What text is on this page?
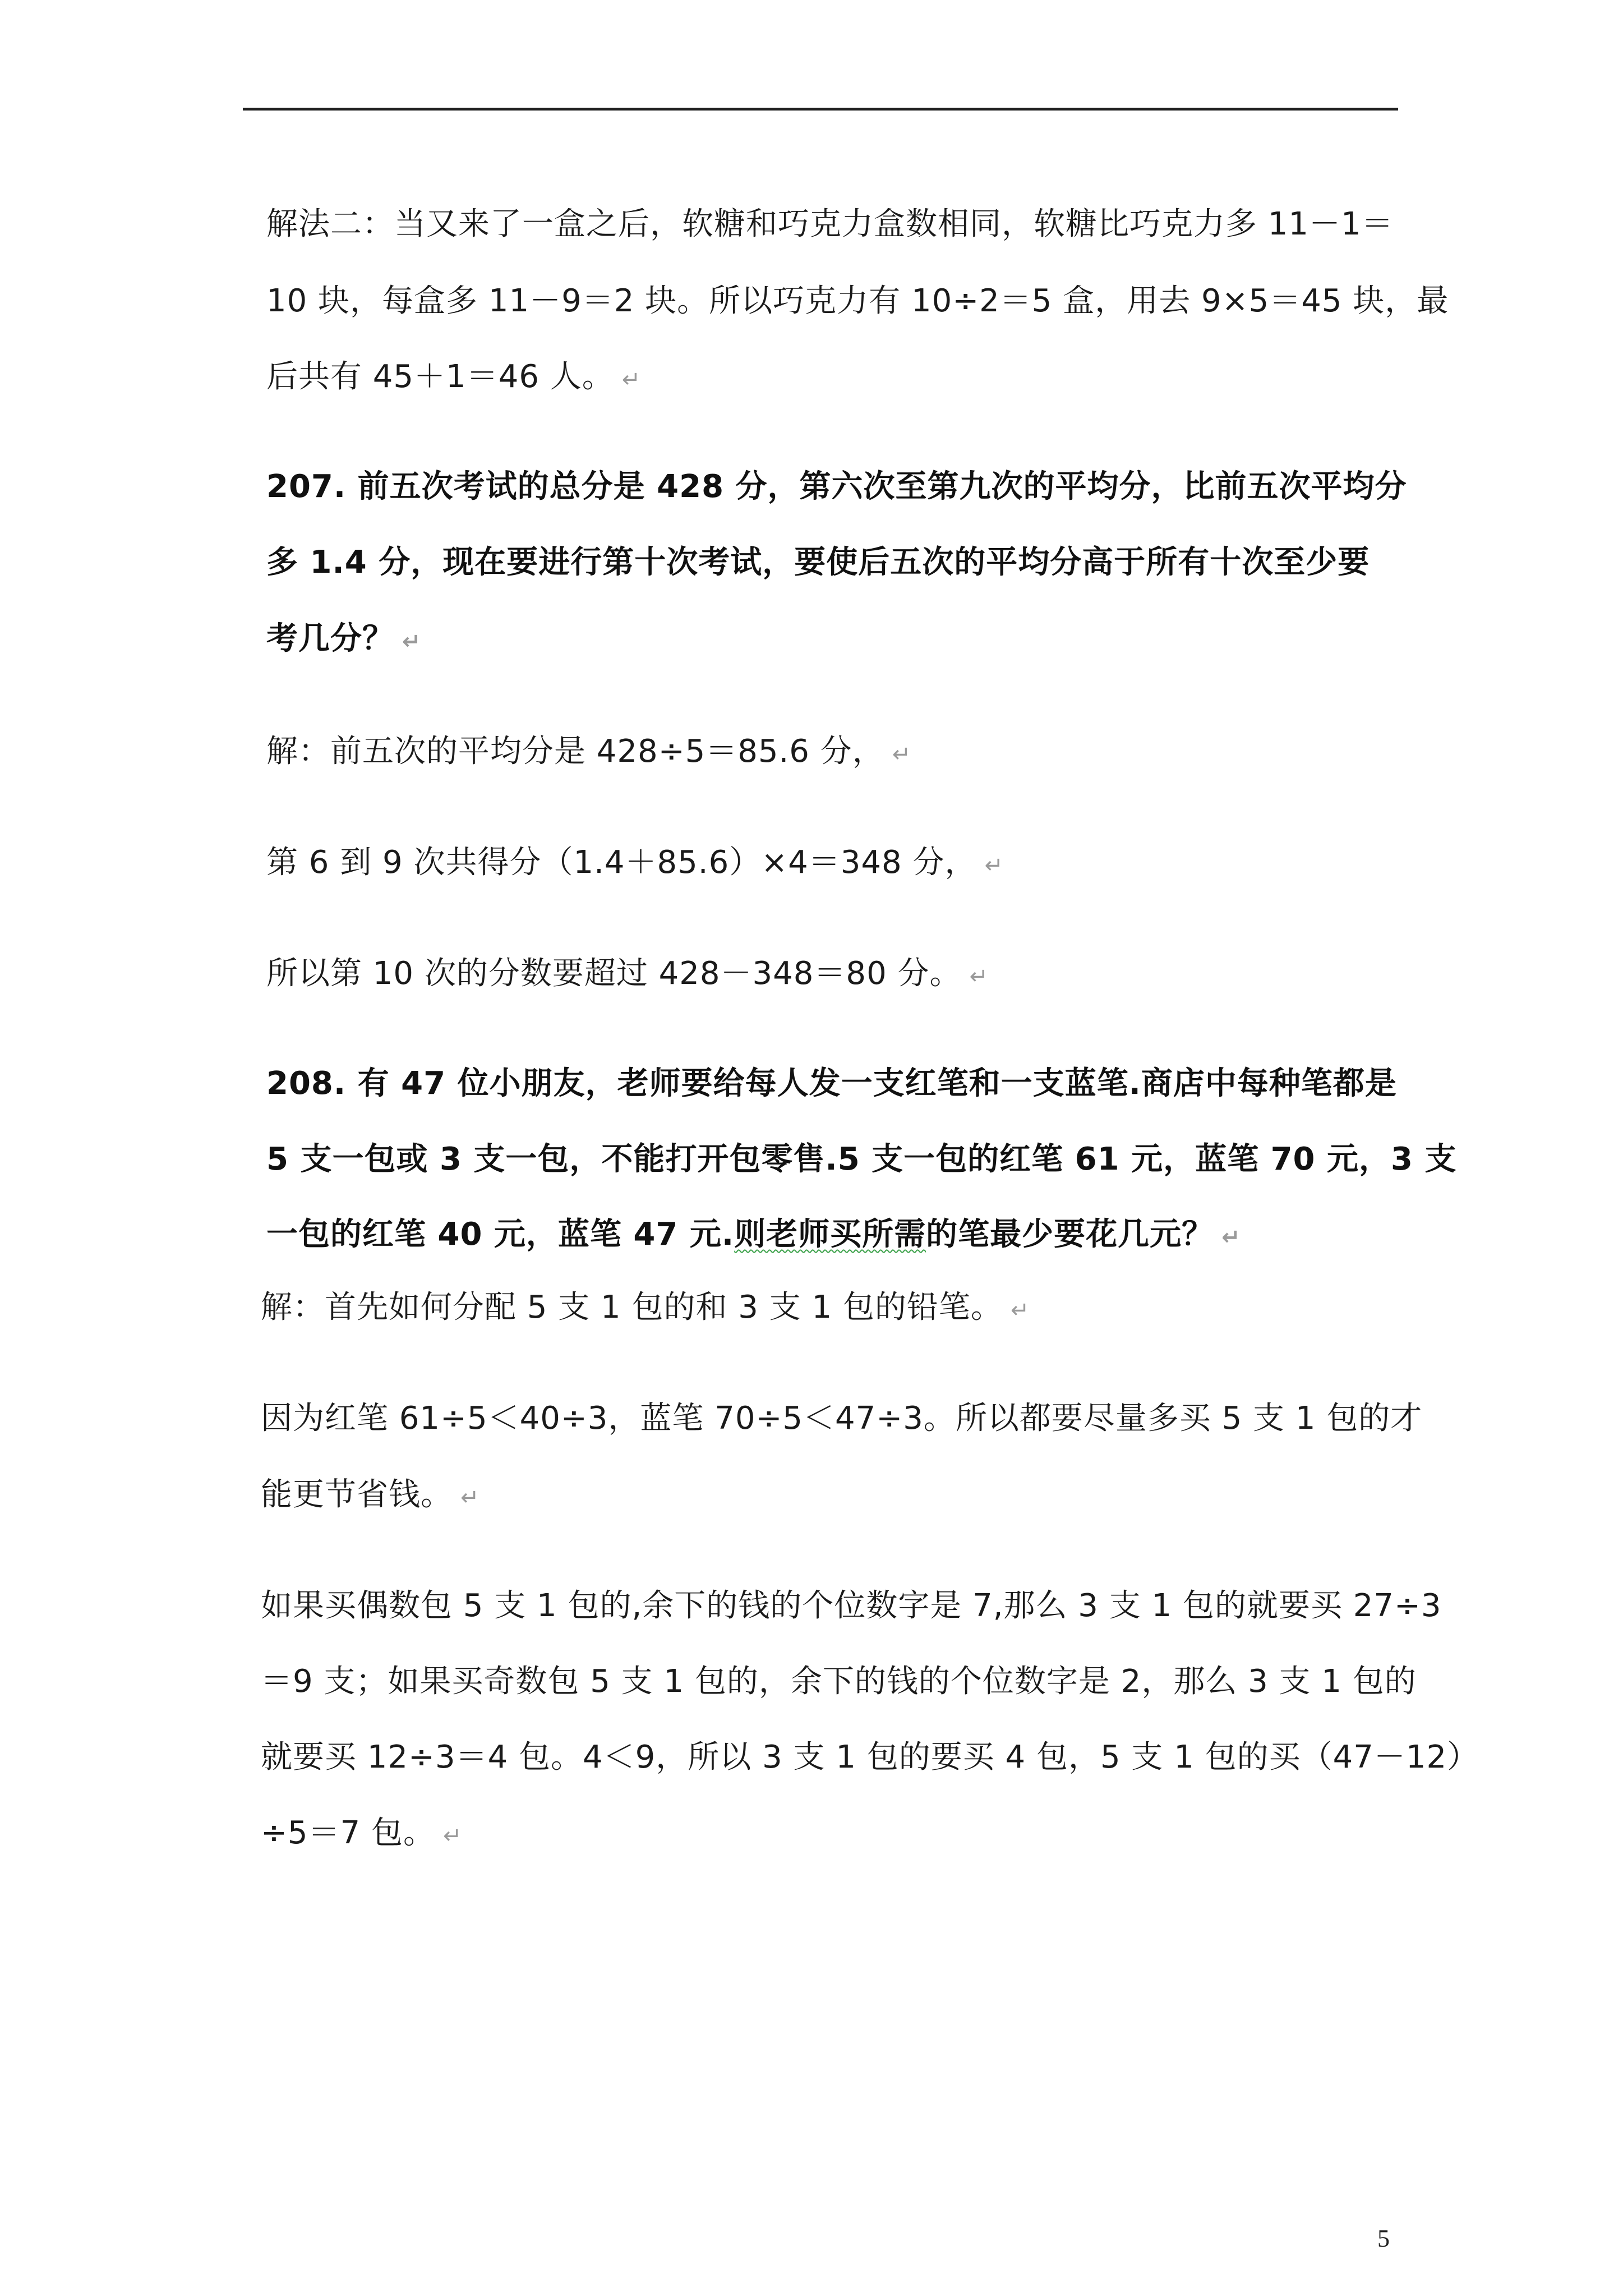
解法二：当又来了一盒之后，软糖和巧克力盒数相同，软糖比巧克力多 11－1＝
10 块，每盒多 11－9＝2 块。所以巧克力有 10÷2＝5 盒，用去 9×5＝45 块，最
后共有 45＋1＝46 人。 ↵
207. 前五次考试的总分是 428 分，第六次至第九次的平均分，比前五次平均分
多 1.4 分，现在要进行第十次考试，要使后五次的平均分高于所有十次至少要
考几分？ ↵
解：前五次的平均分是 428÷5＝85.6 分， ↵
第 6 到 9 次共得分（1.4＋85.6）×4＝348 分， ↵
所以第 10 次的分数要超过 428－348＝80 分。 ↵
208. 有 47 位小朋友，老师要给每人发一支红笔和一支蓝笔.商店中每种笔都是
5 支一包或 3 支一包，不能打开包零售.5 支一包的红笔 61 元，蓝笔 70 元，3 支
一包的红笔 40 元，蓝笔 47 元.则老师买所需的笔最少要花几元？ ↵
解：首先如何分配 5 支 1 包的和 3 支 1 包的铅笔。 ↵
因为红笔 61÷5＜40÷3，蓝笔 70÷5＜47÷3。所以都要尽量多买 5 支 1 包的才
能更节省钱。 ↵
如果买偶数包 5 支 1 包的,余下的钱的个位数字是 7,那么 3 支 1 包的就要买 27÷3
＝9 支；如果买奇数包 5 支 1 包的，余下的钱的个位数字是 2，那么 3 支 1 包的
就要买 12÷3＝4 包。4＜9，所以 3 支 1 包的要买 4 包，5 支 1 包的买（47－12）
÷5＝7 包。 ↵
5
